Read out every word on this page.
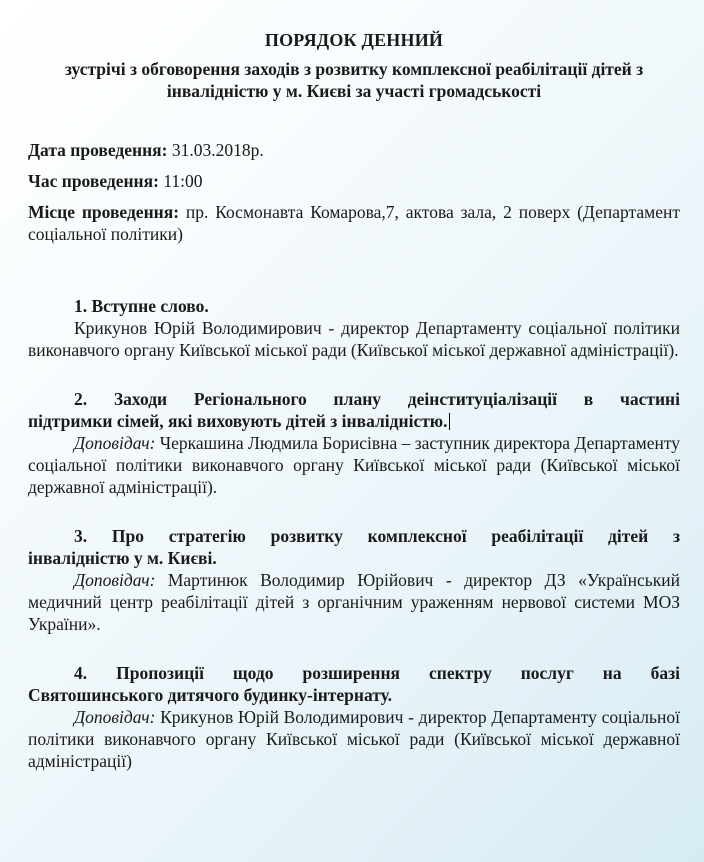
ПОРЯДОК ДЕННИЙ
зустрічі з обговорення заходів з розвитку комплексної реабілітації дітей з інвалідністю у м. Києві за участі громадськості
Дата проведення: 31.03.2018р.
Час проведення: 11:00
Місце проведення: пр. Космонавта Комарова,7, актова зала, 2 поверх (Департамент соціальної політики)

1. Вступне слово.

Крикунов Юрій Володимирович - директор Департаменту соціальної політики виконавчого органу Київської міської ради (Київської міської державної адміністрації).

2. Заходи Регіонального плану деінституціалізації в частині
підтримки сімей, які виховують дітей з інвалідністю.

Доповідач: Черкашина Людмила Борисівна – заступник директора Департаменту соціальної політики виконавчого органу Київської міської ради (Київської міської державної адміністрації).

3. Про стратегію розвитку комплексної реабілітації дітей з
інвалідністю у м. Києві.

Доповідач: Мартинюк Володимир Юрійович - директор ДЗ «Український медичний центр реабілітації дітей з органічним ураженням нервової системи МОЗ України».

4. Пропозиції щодо розширення спектру послуг на базі
Святошинського дитячого будинку-інтернату.

Доповідач: Крикунов Юрій Володимирович - директор Департаменту соціальної політики виконавчого органу Київської міської ради (Київської міської державної адміністрації)
